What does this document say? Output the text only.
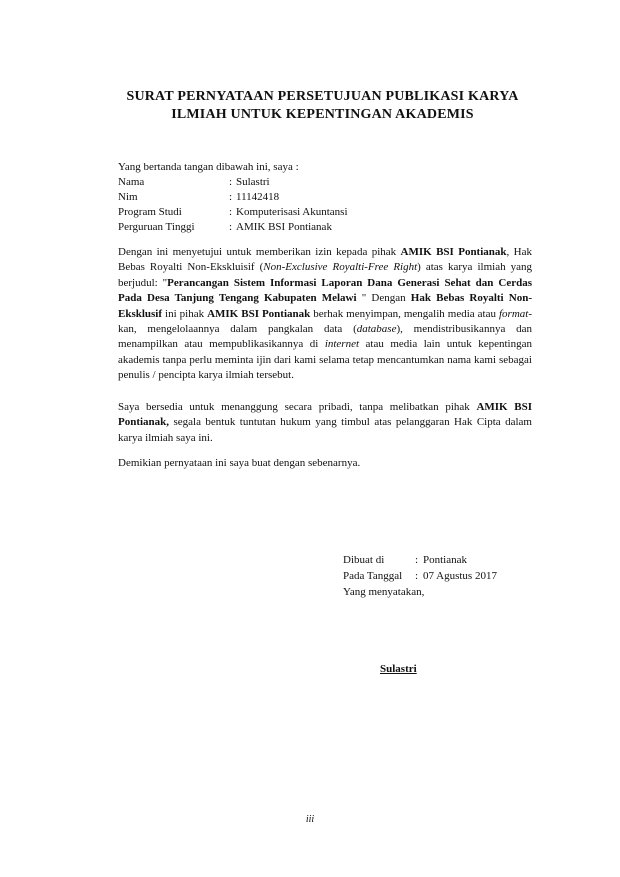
SURAT PERNYATAAN PERSETUJUAN PUBLIKASI KARYA
ILMIAH UNTUK KEPENTINGAN AKADEMIS
Yang bertanda tangan dibawah ini, saya :
Nama	: Sulastri
Nim	: 11142418
Program Studi	: Komputerisasi Akuntansi
Perguruan Tinggi	: AMIK BSI Pontianak
Dengan ini menyetujui untuk memberikan izin kepada pihak AMIK BSI Pontianak, Hak Bebas Royalti Non-Ekskluisif (Non-Exclusive Royalti-Free Right) atas karya ilmiah yang berjudul: "Perancangan Sistem Informasi Laporan Dana Generasi Sehat dan Cerdas Pada Desa Tanjung Tengang Kabupaten Melawi " Dengan Hak Bebas Royalti Non-Eksklusif ini pihak AMIK BSI Pontianak berhak menyimpan, mengalih media atau format-kan, mengelolaannya dalam pangkalan data (database), mendistribusikannya dan menampilkan atau mempublikasikannya di internet atau media lain untuk kepentingan akademis tanpa perlu meminta ijin dari kami selama tetap mencantumkan nama kami sebagai penulis / pencipta karya ilmiah tersebut.
Saya bersedia untuk menanggung secara pribadi, tanpa melibatkan pihak AMIK BSI Pontianak, segala bentuk tuntutan hukum yang timbul atas pelanggaran Hak Cipta dalam karya ilmiah saya ini.
Demikian pernyataan ini saya buat dengan sebenarnya.
Dibuat di	: Pontianak
Pada Tanggal	: 07 Agustus 2017
Yang menyatakan,
Sulastri
iii
